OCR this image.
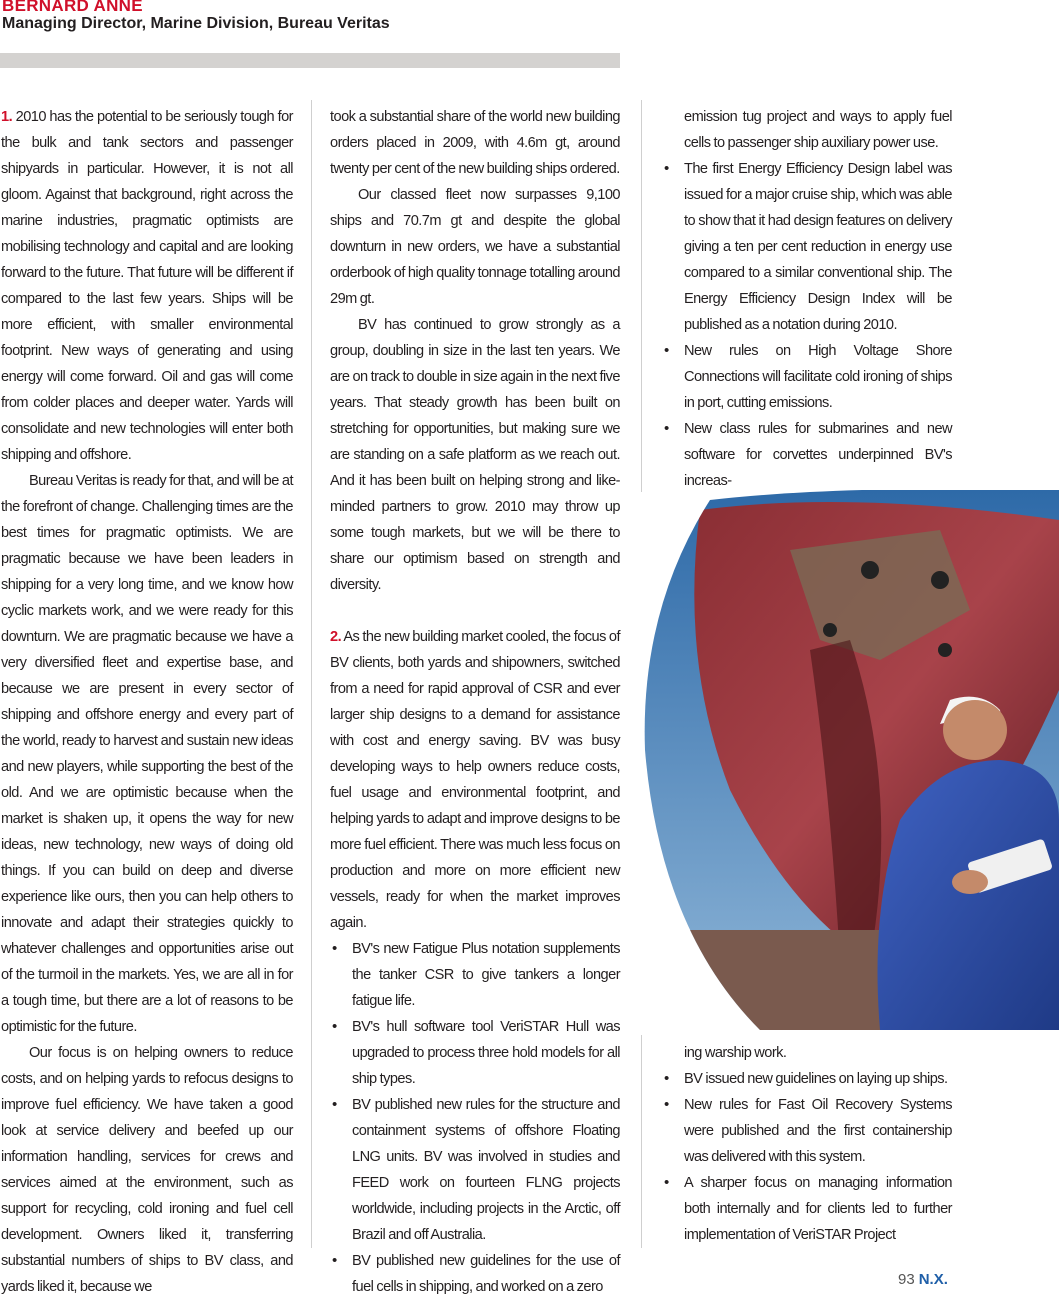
BERNARD ANNE
Managing Director, Marine Division, Bureau Veritas

1. 2010 has the potential to be seriously tough for the bulk and tank sectors and passenger shipyards in particular. However, it is not all gloom. Against that background, right across the marine industries, pragmatic optimists are mobilising technology and capital and are looking forward to the future. That future will be different if compared to the last few years. Ships will be more efficient, with smaller environmental footprint. New ways of generating and using energy will come forward. Oil and gas will come from colder places and deeper water. Yards will consolidate and new technologies will enter both shipping and offshore.

Bureau Veritas is ready for that, and will be at the forefront of change. Challenging times are the best times for pragmatic optimists. We are pragmatic because we have been leaders in shipping for a very long time, and we know how cyclic markets work, and we were ready for this downturn. We are pragmatic because we have a very diversified fleet and expertise base, and because we are present in every sector of shipping and offshore energy and every part of the world, ready to harvest and sustain new ideas and new players, while supporting the best of the old. And we are optimistic because when the market is shaken up, it opens the way for new ideas, new technology, new ways of doing old things. If you can build on deep and diverse experience like ours, then you can help others to innovate and adapt their strategies quickly to whatever challenges and opportunities arise out of the turmoil in the markets. Yes, we are all in for a tough time, but there are a lot of reasons to be optimistic for the future.

Our focus is on helping owners to reduce costs, and on helping yards to refocus designs to improve fuel efficiency. We have taken a good look at service delivery and beefed up our information handling, services for crews and services aimed at the environment, such as support for recycling, cold ironing and fuel cell development. Owners liked it, transferring substantial numbers of ships to BV class, and yards liked it, because we

took a substantial share of the world new building orders placed in 2009, with 4.6m gt, around twenty per cent of the new building ships ordered.

Our classed fleet now surpasses 9,100 ships and 70.7m gt and despite the global downturn in new orders, we have a substantial orderbook of high quality tonnage totalling around 29m gt.

BV has continued to grow strongly as a group, doubling in size in the last ten years. We are on track to double in size again in the next five years. That steady growth has been built on stretching for opportunities, but making sure we are standing on a safe platform as we reach out. And it has been built on helping strong and like-minded partners to grow. 2010 may throw up some tough markets, but we will be there to share our optimism based on strength and diversity.

2. As the new building market cooled, the focus of BV clients, both yards and shipowners, switched from a need for rapid approval of CSR and ever larger ship designs to a demand for assistance with cost and energy saving. BV was busy developing ways to help owners reduce costs, fuel usage and environmental footprint, and helping yards to adapt and improve designs to be more fuel efficient. There was much less focus on production and more on more efficient new vessels, ready for when the market improves again.

• BV's new Fatigue Plus notation supplements the tanker CSR to give tankers a longer fatigue life.
• BV's hull software tool VeriSTAR Hull was upgraded to process three hold models for all ship types.
• BV published new rules for the structure and containment systems of offshore Floating LNG units. BV was involved in studies and FEED work on fourteen FLNG projects worldwide, including projects in the Arctic, off Brazil and off Australia.
• BV published new guidelines for the use of fuel cells in shipping, and worked on a zero
emission tug project and ways to apply fuel cells to passenger ship auxiliary power use.
• The first Energy Efficiency Design label was issued for a major cruise ship, which was able to show that it had design features on delivery giving a ten per cent reduction in energy use compared to a similar conventional ship. The Energy Efficiency Design Index will be published as a notation during 2010.
• New rules on High Voltage Shore Connections will facilitate cold ironing of ships in port, cutting emissions.
• New class rules for submarines and new software for corvettes underpinned BV's increas-
ing warship work.
• BV issued new guidelines on laying up ships.
• New rules for Fast Oil Recovery Systems were published and the first containership was delivered with this system.
• A sharper focus on managing information both internally and for clients led to further implementation of VeriSTAR Project
93 N.X.
